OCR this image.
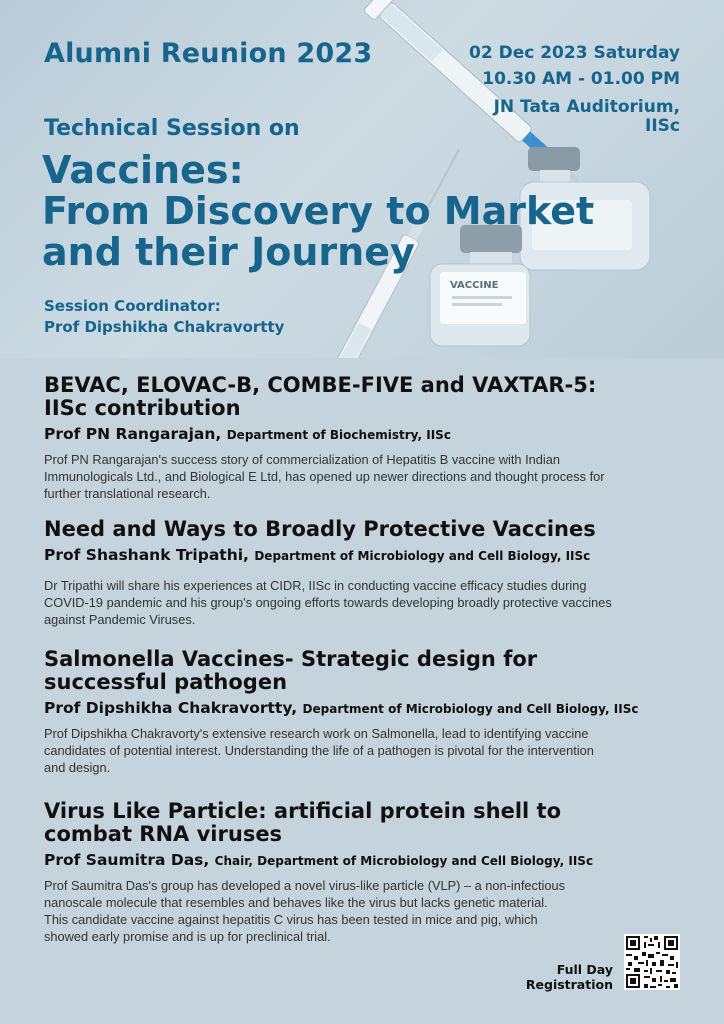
VACCINE
Alumni Reunion 2023	02 Dec 2023 Saturday
10.30 AM - 01.00 PM
JN Tata Auditorium,
IISc
Technical Session on
Vaccines:
From Discovery to Market
and their Journey
Session Coordinator:
Prof Dipshikha Chakravortty
BEVAC, ELOVAC-B, COMBE-FIVE and VAXTAR-5:
IISc contribution
Prof PN Rangarajan, Department of Biochemistry, IISc
Prof PN Rangarajan's success story of commercialization of Hepatitis B vaccine with Indian
Immunologicals Ltd., and Biological E Ltd, has opened up newer directions and thought process for
further translational research.
Need and Ways to Broadly Protective Vaccines
Prof Shashank Tripathi, Department of Microbiology and Cell Biology, IISc
Dr Tripathi will share his experiences at CIDR, IISc in conducting vaccine efficacy studies during
COVID-19 pandemic and his group's ongoing efforts towards developing broadly protective vaccines
against Pandemic Viruses.
Salmonella Vaccines- Strategic design for
successful pathogen
Prof Dipshikha Chakravortty, Department of Microbiology and Cell Biology, IISc
Prof Dipshikha Chakravorty's extensive research work on Salmonella, lead to identifying vaccine
candidates of potential interest. Understanding the life of a pathogen is pivotal for the intervention
and design.
Virus Like Particle: artificial protein shell to
combat RNA viruses
Prof Saumitra Das, Chair, Department of Microbiology and Cell Biology, IISc
Prof Saumitra Das's group has developed a novel virus-like particle (VLP) – a non-infectious
nanoscale molecule that resembles and behaves like the virus but lacks genetic material.
This candidate vaccine against hepatitis C virus has been tested in mice and pig, which
showed early promise and is up for preclinical trial.
Full Day
Registration
